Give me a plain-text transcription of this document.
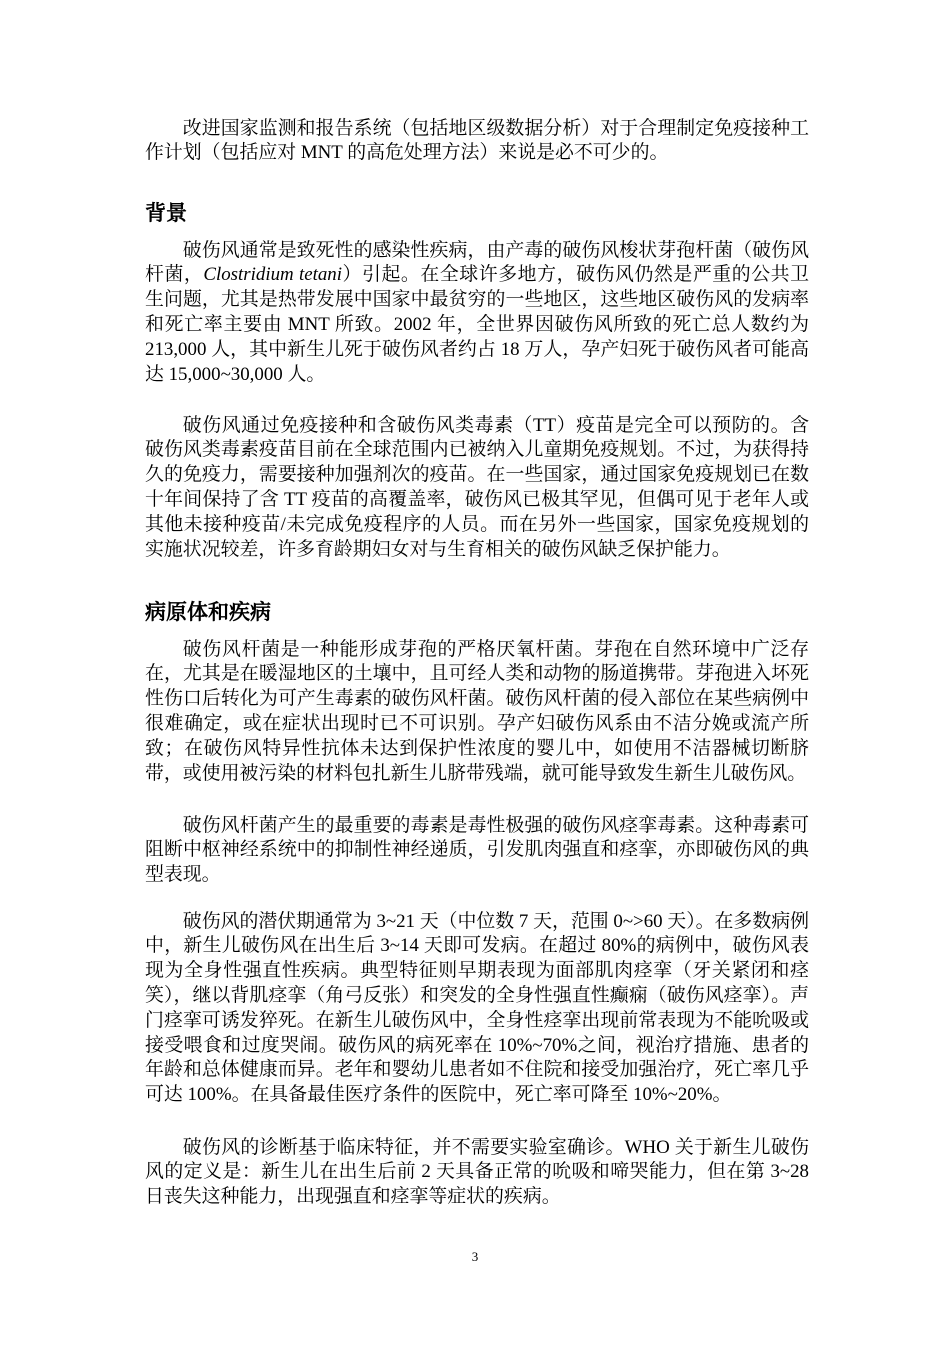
改进国家监测和报告系统（包括地区级数据分析）对于合理制定免疫接种工作计划（包括应对 MNT 的高危处理方法）来说是必不可少的。

背景

破伤风通常是致死性的感染性疾病，由产毒的破伤风梭状芽孢杆菌（破伤风杆菌，Clostridium tetani）引起。在全球许多地方，破伤风仍然是严重的公共卫生问题，尤其是热带发展中国家中最贫穷的一些地区，这些地区破伤风的发病率和死亡率主要由 MNT 所致。2002 年，全世界因破伤风所致的死亡总人数约为 213,000 人，其中新生儿死于破伤风者约占 18 万人，孕产妇死于破伤风者可能高达 15,000~30,000 人。

破伤风通过免疫接种和含破伤风类毒素（TT）疫苗是完全可以预防的。含破伤风类毒素疫苗目前在全球范围内已被纳入儿童期免疫规划。不过，为获得持久的免疫力，需要接种加强剂次的疫苗。在一些国家，通过国家免疫规划已在数十年间保持了含 TT 疫苗的高覆盖率，破伤风已极其罕见，但偶可见于老年人或其他未接种疫苗/未完成免疫程序的人员。而在另外一些国家，国家免疫规划的实施状况较差，许多育龄期妇女对与生育相关的破伤风缺乏保护能力。

病原体和疾病

破伤风杆菌是一种能形成芽孢的严格厌氧杆菌。芽孢在自然环境中广泛存在，尤其是在暖湿地区的土壤中，且可经人类和动物的肠道携带。芽孢进入坏死性伤口后转化为可产生毒素的破伤风杆菌。破伤风杆菌的侵入部位在某些病例中很难确定，或在症状出现时已不可识别。孕产妇破伤风系由不洁分娩或流产所致；在破伤风特异性抗体未达到保护性浓度的婴儿中，如使用不洁器械切断脐带，或使用被污染的材料包扎新生儿脐带残端，就可能导致发生新生儿破伤风。

破伤风杆菌产生的最重要的毒素是毒性极强的破伤风痉挛毒素。这种毒素可阻断中枢神经系统中的抑制性神经递质，引发肌肉强直和痉挛，亦即破伤风的典型表现。

破伤风的潜伏期通常为 3~21 天（中位数 7 天，范围 0~>60 天）。在多数病例中，新生儿破伤风在出生后 3~14 天即可发病。在超过 80%的病例中，破伤风表现为全身性强直性疾病。典型特征则早期表现为面部肌肉痉挛（牙关紧闭和痉笑），继以背肌痉挛（角弓反张）和突发的全身性强直性癫痫（破伤风痉挛）。声门痉挛可诱发猝死。在新生儿破伤风中，全身性痉挛出现前常表现为不能吮吸或接受喂食和过度哭闹。破伤风的病死率在 10%~70%之间，视治疗措施、患者的年龄和总体健康而异。老年和婴幼儿患者如不住院和接受加强治疗，死亡率几乎可达 100%。在具备最佳医疗条件的医院中，死亡率可降至 10%~20%。

破伤风的诊断基于临床特征，并不需要实验室确诊。WHO 关于新生儿破伤风的定义是：新生儿在出生后前 2 天具备正常的吮吸和啼哭能力，但在第 3~28 日丧失这种能力，出现强直和痉挛等症状的疾病。

3
